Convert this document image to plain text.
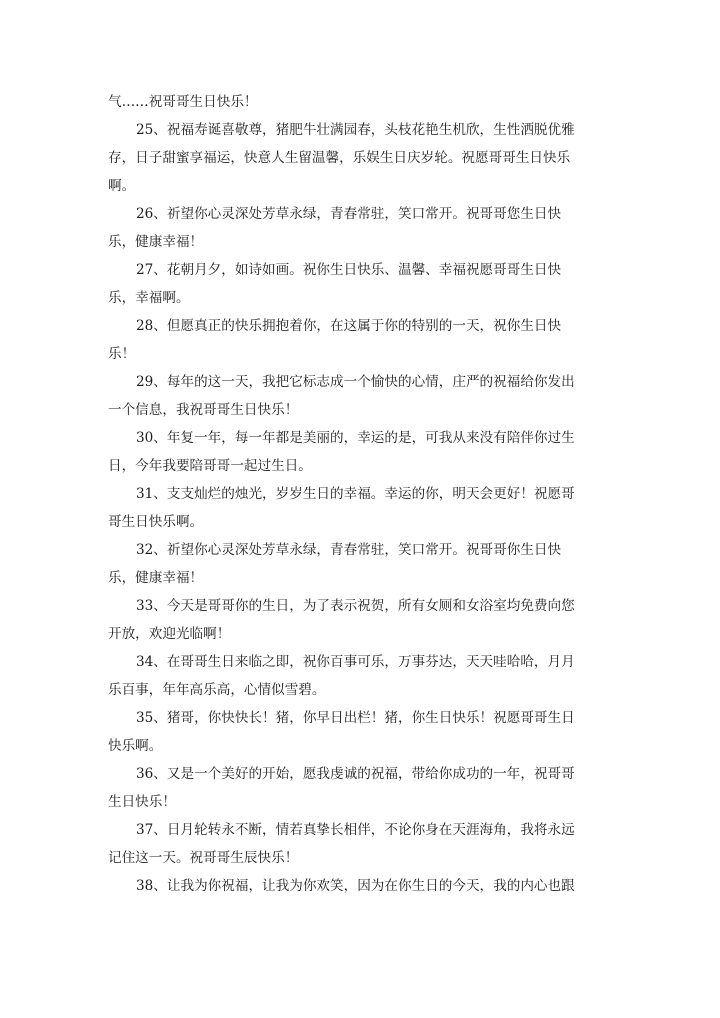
气……祝哥哥生日快乐！

25、祝福寿诞喜敬尊，猪肥牛壮满园春，头枝花艳生机欣，生性洒脱优雅
存，日子甜蜜享福运，快意人生留温馨，乐娱生日庆岁轮。祝愿哥哥生日快乐
啊。

26、祈望你心灵深处芳草永绿，青春常驻，笑口常开。祝哥哥您生日快
乐，健康幸福！

27、花朝月夕，如诗如画。祝你生日快乐、温馨、幸福祝愿哥哥生日快
乐，幸福啊。

28、但愿真正的快乐拥抱着你，在这属于你的特别的一天，祝你生日快
乐！

29、每年的这一天，我把它标志成一个愉快的心情，庄严的祝福给你发出
一个信息，我祝哥哥生日快乐！

30、年复一年，每一年都是美丽的，幸运的是，可我从来没有陪伴你过生
日，今年我要陪哥哥一起过生日。

31、支支灿烂的烛光，岁岁生日的幸福。幸运的你，明天会更好！祝愿哥
哥生日快乐啊。

32、祈望你心灵深处芳草永绿，青春常驻，笑口常开。祝哥哥你生日快
乐，健康幸福！

33、今天是哥哥你的生日，为了表示祝贺，所有女厕和女浴室均免费向您
开放，欢迎光临啊！

34、在哥哥生日来临之即，祝你百事可乐，万事芬达，天天哇哈哈，月月
乐百事，年年高乐高，心情似雪碧。

35、猪哥，你快快长！猪，你早日出栏！猪，你生日快乐！祝愿哥哥生日
快乐啊。

36、又是一个美好的开始，愿我虔诚的祝福，带给你成功的一年，祝哥哥
生日快乐！

37、日月轮转永不断，情若真挚长相伴，不论你身在天涯海角，我将永远
记住这一天。祝哥哥生辰快乐！

38、让我为你祝福，让我为你欢笑，因为在你生日的今天，我的内心也跟
